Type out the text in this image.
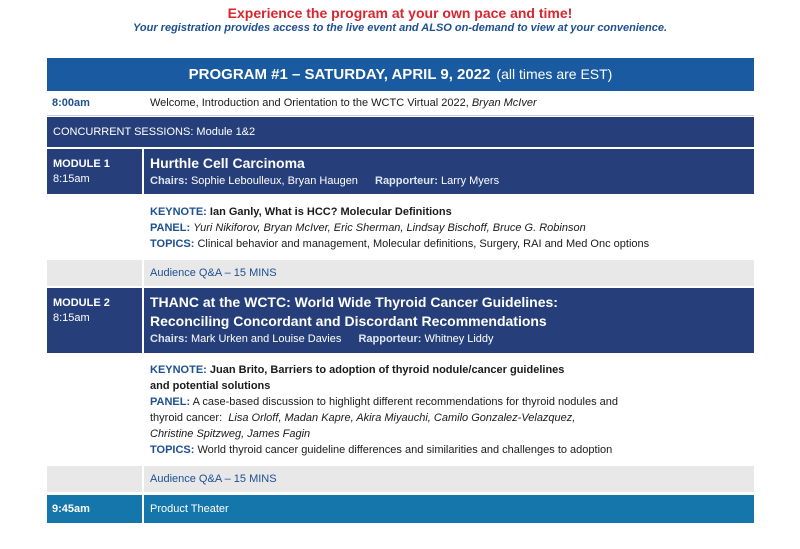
Experience the program at your own pace and time!
Your registration provides access to the live event and ALSO on-demand to view at your convenience.
PROGRAM #1 – SATURDAY, APRIL 9, 2022 (all times are EST)
8:00am	Welcome, Introduction and Orientation to the WCTC Virtual 2022, Bryan McIver
CONCURRENT SESSIONS: Module 1&2
MODULE 1
8:15am
Hurthle Cell Carcinoma
Chairs: Sophie Leboulleux, Bryan Haugen Rapporteur: Larry Myers

KEYNOTE: Ian Ganly, What is HCC? Molecular Definitions

PANEL: Yuri Nikiforov, Bryan McIver, Eric Sherman, Lindsay Bischoff, Bruce G. Robinson

TOPICS: Clinical behavior and management, Molecular definitions, Surgery, RAI and Med Onc options

Audience Q&A – 15 MINS
MODULE 2
8:15am
THANC at the WCTC: World Wide Thyroid Cancer Guidelines:
Reconciling Concordant and Discordant Recommendations
Chairs: Mark Urken and Louise Davies Rapporteur: Whitney Liddy

KEYNOTE: Juan Brito, Barriers to adoption of thyroid nodule/cancer guidelines

and potential solutions

PANEL: A case-based discussion to highlight different recommendations for thyroid nodules and

thyroid cancer: Lisa Orloff, Madan Kapre, Akira Miyauchi, Camilo Gonzalez-Velazquez,

Christine Spitzweg, James Fagin

TOPICS: World thyroid cancer guideline differences and similarities and challenges to adoption

Audience Q&A – 15 MINS
9:45am	Product Theater
